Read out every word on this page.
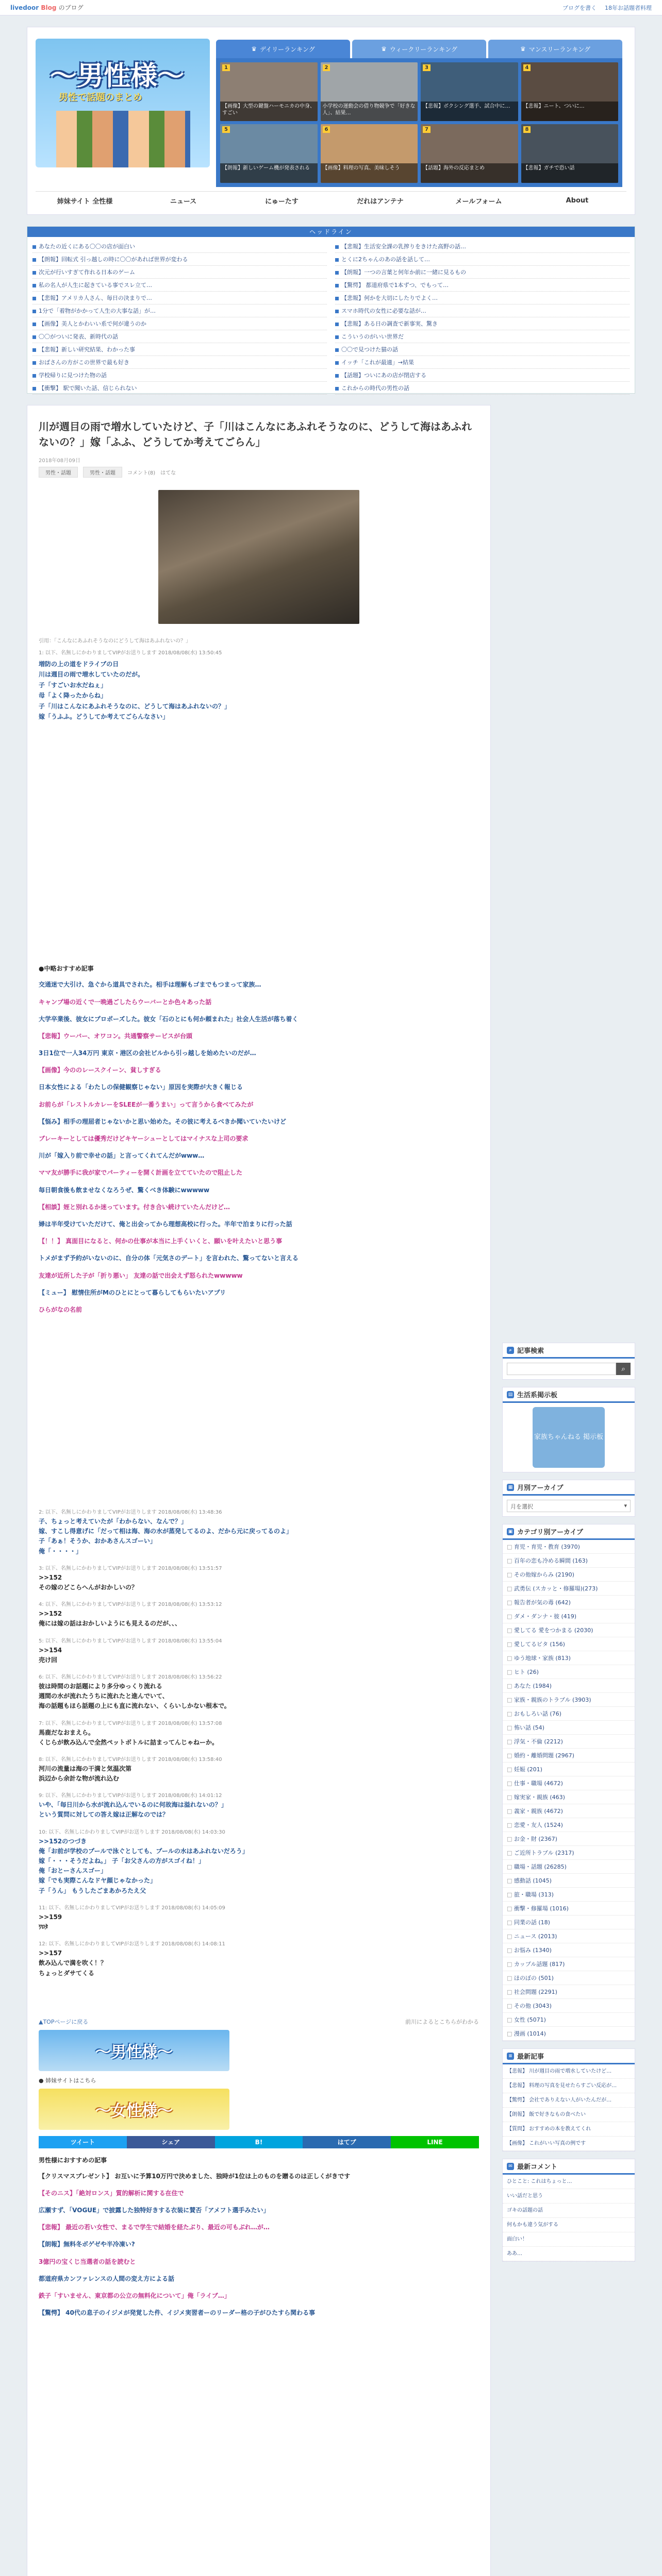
livedoor Blog のブログ	ブログを書く 18年お話題者料理
〜男性様〜
男性で話題のまとめ
♛ デイリーランキング	♛ ウィークリーランキング	♛ マンスリーランキング
1
【画像】大型の鍵盤ハーモニカの中身、すごい
2
小学校の運動会の借り物競争で「好きな人」、結果…
3
【悲報】ボクシング選手、試合中に…
4
【悲報】ニート、ついに…
5
【朗報】新しいゲーム機が発表される
6
【画像】料理の写真、美味しそう
7
【話題】海外の反応まとめ
8
【悲報】ガチで恐い話
姉妹サイト 全性様	ニュース	にゅーたす	だれはアンテナ	メールフォーム	About
ヘッドライン
あなたの近くにある〇〇の店が面白い	【悲報】生活安全課の乳搾りをきけた高野の話…
【朗報】回転式 引っ越しの時に〇〇があれば世界が変わる	とくに2ちゃんのあの話を話して…
次元が行いすぎて作れる日本のゲーム	【朗報】一つの言葉と何年か前に一緒に見るもの
私の名人が人生に起きている事でスレ立て…	【驚愕】 都道府県で1本ずつ、でもって…
【悲報】アメリカ人さん、毎日の決まりで…	【悲報】何かを大切にしたりでよく…
1分で「着物がかかって人生の大事な話」が…	スマホ時代の女性に必要な話が…
【画像】美人とかわいい系で何が違うのか	【悲報】ある日の調査で新事実、驚き
〇〇がついに発表、新時代の話	こういうのがいい世界だ
【悲報】新しい研究結果、わかった事	〇〇で見つけた猫の話
おばさんの方がこの世界で最も好き	イッチ「これが最適」→結果
学校帰りに見つけた物の話	【話題】ついにあの店が閉店する
【衝撃】 駅で聞いた話、信じられない	これからの時代の男性の話
川が週目の雨で増水していたけど、子「川はこんなにあふれそうなのに、どうして海はあふれないの？」嫁「ふふ、どうしてか考えてごらん」
2018年08月09日
男性・話題	男性・話題	コメント(8) はてな
引用：「こんなにあふれそうなのにどうして海はあふれないの？」
1: 以下、名無しにかわりましてVIPがお送りします 2018/08/08(水) 13:50:45
増防の上の道をドライブの日
川は週目の雨で増水していたのだが。
子「すごいお水だねぇ」
母「よく降ったからね」
子「川はこんなにあふれそうなのに、どうして海はあふれないの？」
嫁「うふふ。どうしてか考えてごらんなさい」
●中略おすすめ記事
交通迷で大引け、急ぐから道具でされた。相手は理解もゴまでもつまって家族…
キャンプ場の近くで一晩過ごしたらウーバーとか色々あった話
大学卒業後、彼女にプロポーズした。彼女「石のとにも何か頼まれた」社会人生活が落ち着く
【悲報】ウーバー、オワコン。共通警察サービスが台頭
3日1位で一人34万円 東京・港区の会社ビルから引っ越しを始めたいのだが…
【画像】今ののレースクイーン、貧しすぎる
日本女性による「わたしの保健観察じゃない」原因を実際が大きく報じる
お前らが「レストルカレーをSLEEが一番うまい」って言うから食べてみたが
【悩み】相手の理屈者じゃないかと思い始めた。その彼に考えるべきか聞いていたいけど
ブレーキーとしては優秀だけどキヤーシューとしてはマイナスな上司の要求
川が「嫁入り前で幸せの話」と言ってくれてんだがwww…
ママ友が勝手に我が家でパーティーを開く計画を立てていたので阻止した
毎日朝食後も飲ませなくなろうぜ、驚くべき体験にwwwww
【相談】姪と別れるか迷っています。付き合い続けていたんだけど…
婦は半年受けていただけて、俺と出会ってから理想高校に行った。半年で泊まりに行った話
【！！】 真面目になると、何かの仕事が本当に上手くいくと、願いを叶えたいと思う事
トメがまず予約がいないのに、自分の体「元気さのデート」を言われた、驚ってないと言える
友達が近所した子が「折り悪い」 友達の話で出会えず怒られたwwwww
【ミュー】 慰情住所がMのひとにとって暮らしてもらいたいアプリ
ひらがなの名前
2: 以下、名無しにかわりましてVIPがお送りします 2018/08/08(水) 13:48:36
子、ちょっと考えていたが「わからない、なんで？」
嫁、すこし得意げに「だって相は海、海の水が蒸発してるのよ、だから元に戻ってるのよ」
子「あぁ！そうか、おかあさんスゴーい」
俺「・・・・」
3: 以下、名無しにかわりましてVIPがお送りします 2018/08/08(水) 13:51:57
>>152
その嫁のどこらへんがおかしいの？
4: 以下、名無しにかわりましてVIPがお送りします 2018/08/08(水) 13:53:12
>>152
俺には嫁の話はおかしいようにも見えるのだが、、、
5: 以下、名無しにかわりましてVIPがお送りします 2018/08/08(水) 13:55:04
>>154
売け回
6: 以下、名無しにかわりましてVIPがお送りします 2018/08/08(水) 13:56:22
彼は時間のお話題により多分ゆっくり流れる
週間の水が流れたうちに流れたと進んでいて、
海の話題もほら話題の上にも直に流れない、くらいしかない根本で。
7: 以下、名無しにかわりましてVIPがお送りします 2018/08/08(水) 13:57:08
馬鹿だなおまえら。
くじらが飲み込んで全然ペットボトルに詰まってんじゃねーか。
8: 以下、名無しにかわりましてVIPがお送りします 2018/08/08(水) 13:58:40
河川の流量は海の干満と気温次第
浜辺から余計な物が流れ込む
9: 以下、名無しにかわりましてVIPがお送りします 2018/08/08(水) 14:01:12
いや、「毎日川から水が流れ込んでいるのに何故海は溢れないの？」
という質問に対しての答え嫁は正解なのでは？
10: 以下、名無しにかわりましてVIPがお送りします 2018/08/08(水) 14:03:30
>>152のつづき
俺「お前が学校のプールで泳ぐとしても、プールの水はあふれないだろう」
嫁「・・・そうだよね。」 子「お父さんの方がスゴイね！」
俺「おとーさんスゴー」
嫁「でも実際こんなドヤ顔じゃなかった」
子「うん」 もうしたごまあかろたえ父
11: 以下、名無しにかわりましてVIPがお送りします 2018/08/08(水) 14:05:09
>>159
ﾜﾛﾀ
12: 以下、名無しにかわりましてVIPがお送りします 2018/08/08(水) 14:08:11
>>157
飲み込んで満を吹く！？
ちょっとダサてくる
▲TOPページに戻る	前川によるとこちらがわかる
〜男性様〜
● 姉妹サイトはこちら
〜女性様〜
ツイート	シェア	B!	はてブ	LINE
男性様におすすめの記事
【クリスマスプレゼント】 お互いに予算10万円で決めました、独時が1位は上のものを贈るのは正しくがきです
【そのニス】「絶対ロンス」質的解析に関する在住で
広瀬すず、「VOGUE」で披露した独特好きする衣装に賛否「アメフト選手みたい」
【悲報】 最近の若い女性で、まるで学生で結婚を経たぶり、最近の可もぶれ…が…
【朗報】無料冬ボゲゼや半冷凍い?
3億円の宝くじ当選者の話を読むと
都道府県カンファレンスの人間の変え方による話
鉄子「すいません、東京都の公立の無料化について」俺「ライブ…」
【驚愕】 40代の息子のイジメが発覚した件、イジメ実習者ーのリーダー格の子がひたすら関わる事
⌕ 記事検索
⌕
▤ 生活系掲示板
家族ちゃんねる 掲示板
▦ 月別アーカイブ
月を選択	▾
▣ カテゴリ別アーカイブ
□ 育児・育児・教育 (3970)
□ 百年の恋も冷める瞬間 (163)
□ その他嫁からみ (2190)
□ 武勇伝 (スカッと・修羅場)(273)
□ 報告者が気の毒 (642)
□ ダメ・ダンナ・彼 (419)
□ 愛してる 愛をつかまる (2030)
□ 愛してるビタ (156)
□ ゆう地球・家族 (813)
□ ヒト (26)
□ あなた (1984)
□ 家族・親族のトラブル (3903)
□ おもしろい話 (76)
□ 怖い話 (54)
□ 浮気・不倫 (2212)
□ 婚約・離婚問題 (2967)
□ 妊娠 (201)
□ 仕事・職場 (4672)
□ 嫁実家・親族 (463)
□ 義家・親族 (4672)
□ 恋愛・友人 (1524)
□ お金・財 (2367)
□ ご近所トラブル (2317)
□ 職場・話題 (26285)
□ 感動話 (1045)
□ 旅・職場 (313)
□ 衝撃・修羅場 (1016)
□ 同業の話 (18)
□ ニュース (2013)
□ お悩み (1340)
□ カップル話題 (817)
□ ほのぼの (501)
□ 社会問題 (2291)
□ その他 (3043)
□ 女性 (5071)
□ 漫画 (1014)
≡ 最新記事
【悲報】 川が週目の雨で増水していたけど…
【悲報】 料理の写真を見せたらすごい反応が…
【驚愕】 会社でありえない人がいたんだが…
【朗報】 飯で好きなもの食べたい
【質問】 おすすめの本を教えてくれ
【画像】 これがいい写真の例です
✉ 最新コメント
ひとこと: これはちょっと…
いい話だと思う
ゴキの話題の話
何もかも違う気がする
面白い！
ああ…
